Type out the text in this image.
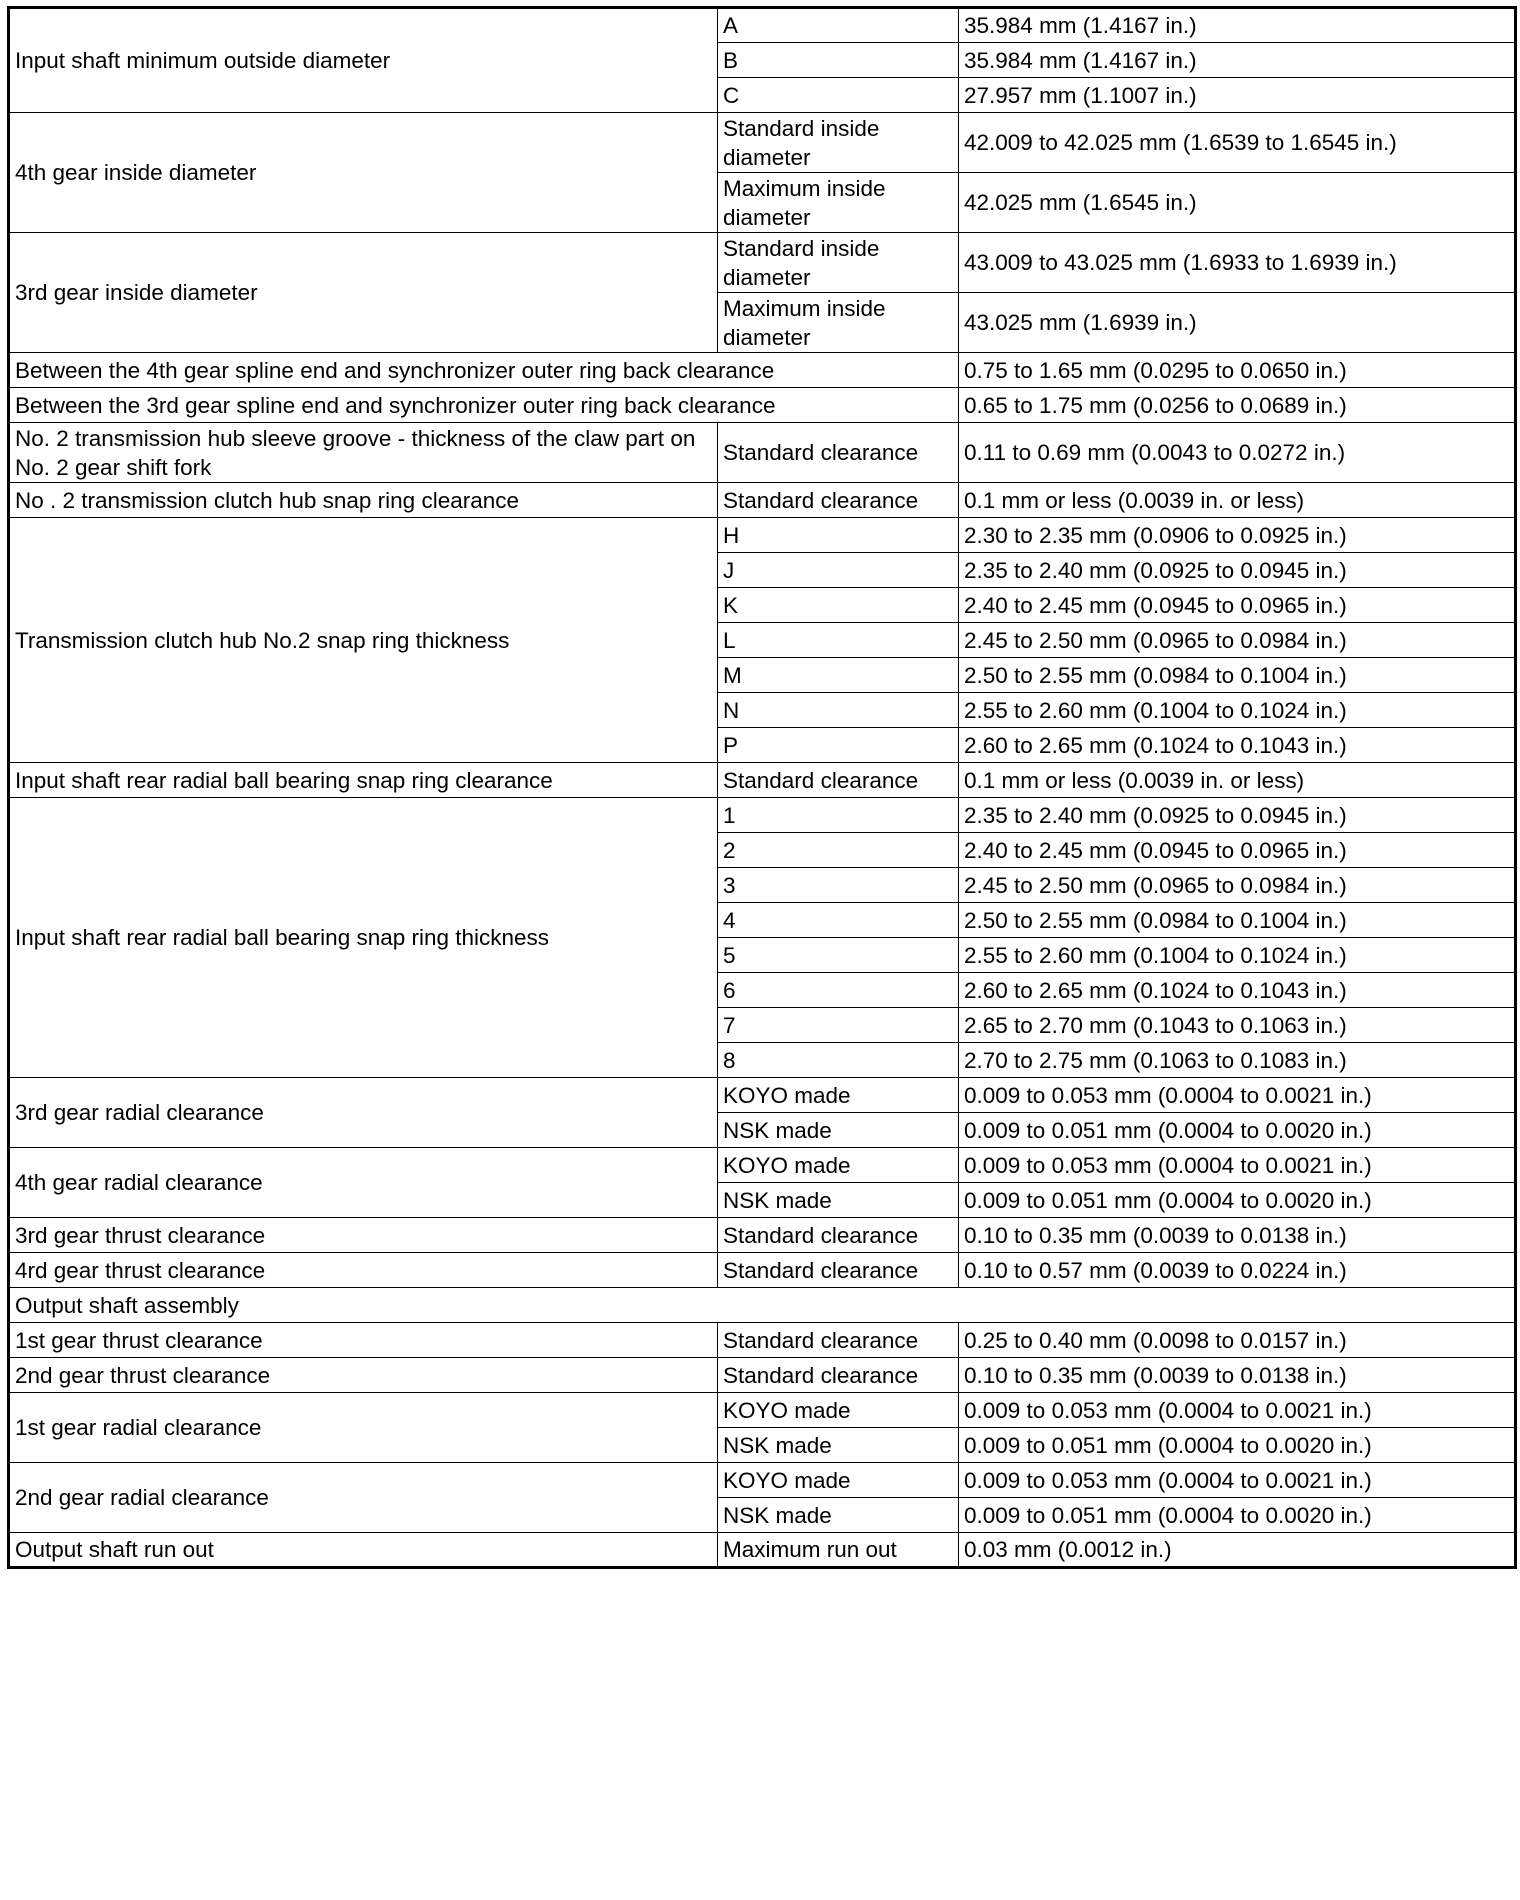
Input shaft minimum outside diameter	A	35.984 mm (1.4167 in.)
	B	35.984 mm (1.4167 in.)
	C	27.957 mm (1.1007 in.)
4th gear inside diameter	Standard inside diameter	42.009 to 42.025 mm (1.6539 to 1.6545 in.)
	Maximum inside diameter	42.025 mm (1.6545 in.)
3rd gear inside diameter	Standard inside diameter	43.009 to 43.025 mm (1.6933 to 1.6939 in.)
	Maximum inside diameter	43.025 mm (1.6939 in.)
Between the 4th gear spline end and synchronizer outer ring back clearance		0.75 to 1.65 mm (0.0295 to 0.0650 in.)
Between the 3rd gear spline end and synchronizer outer ring back clearance		0.65 to 1.75 mm (0.0256 to 0.0689 in.)
No. 2 transmission hub sleeve groove - thickness of the claw part on No. 2 gear shift fork	Standard clearance	0.11 to 0.69 mm (0.0043 to 0.0272 in.)
No . 2 transmission clutch hub snap ring clearance	Standard clearance	0.1 mm or less (0.0039 in. or less)
Transmission clutch hub No.2 snap ring thickness	H	2.30 to 2.35 mm (0.0906 to 0.0925 in.)
	J	2.35 to 2.40 mm (0.0925 to 0.0945 in.)
	K	2.40 to 2.45 mm (0.0945 to 0.0965 in.)
	L	2.45 to 2.50 mm (0.0965 to 0.0984 in.)
	M	2.50 to 2.55 mm (0.0984 to 0.1004 in.)
	N	2.55 to 2.60 mm (0.1004 to 0.1024 in.)
	P	2.60 to 2.65 mm (0.1024 to 0.1043 in.)
Input shaft rear radial ball bearing snap ring clearance	Standard clearance	0.1 mm or less (0.0039 in. or less)
Input shaft rear radial ball bearing snap ring thickness	1	2.35 to 2.40 mm (0.0925 to 0.0945 in.)
	2	2.40 to 2.45 mm (0.0945 to 0.0965 in.)
	3	2.45 to 2.50 mm (0.0965 to 0.0984 in.)
	4	2.50 to 2.55 mm (0.0984 to 0.1004 in.)
	5	2.55 to 2.60 mm (0.1004 to 0.1024 in.)
	6	2.60 to 2.65 mm (0.1024 to 0.1043 in.)
	7	2.65 to 2.70 mm (0.1043 to 0.1063 in.)
	8	2.70 to 2.75 mm (0.1063 to 0.1083 in.)
3rd gear radial clearance	KOYO made	0.009 to 0.053 mm (0.0004 to 0.0021 in.)
	NSK made	0.009 to 0.051 mm (0.0004 to 0.0020 in.)
4th gear radial clearance	KOYO made	0.009 to 0.053 mm (0.0004 to 0.0021 in.)
	NSK made	0.009 to 0.051 mm (0.0004 to 0.0020 in.)
3rd gear thrust clearance	Standard clearance	0.10 to 0.35 mm (0.0039 to 0.0138 in.)
4rd gear thrust clearance	Standard clearance	0.10 to 0.57 mm (0.0039 to 0.0224 in.)
Output shaft assembly		
1st gear thrust clearance	Standard clearance	0.25 to 0.40 mm (0.0098 to 0.0157 in.)
2nd gear thrust clearance	Standard clearance	0.10 to 0.35 mm (0.0039 to 0.0138 in.)
1st gear radial clearance	KOYO made	0.009 to 0.053 mm (0.0004 to 0.0021 in.)
	NSK made	0.009 to 0.051 mm (0.0004 to 0.0020 in.)
2nd gear radial clearance	KOYO made	0.009 to 0.053 mm (0.0004 to 0.0021 in.)
	NSK made	0.009 to 0.051 mm (0.0004 to 0.0020 in.)
Output shaft run out	Maximum run out	0.03 mm (0.0012 in.)
